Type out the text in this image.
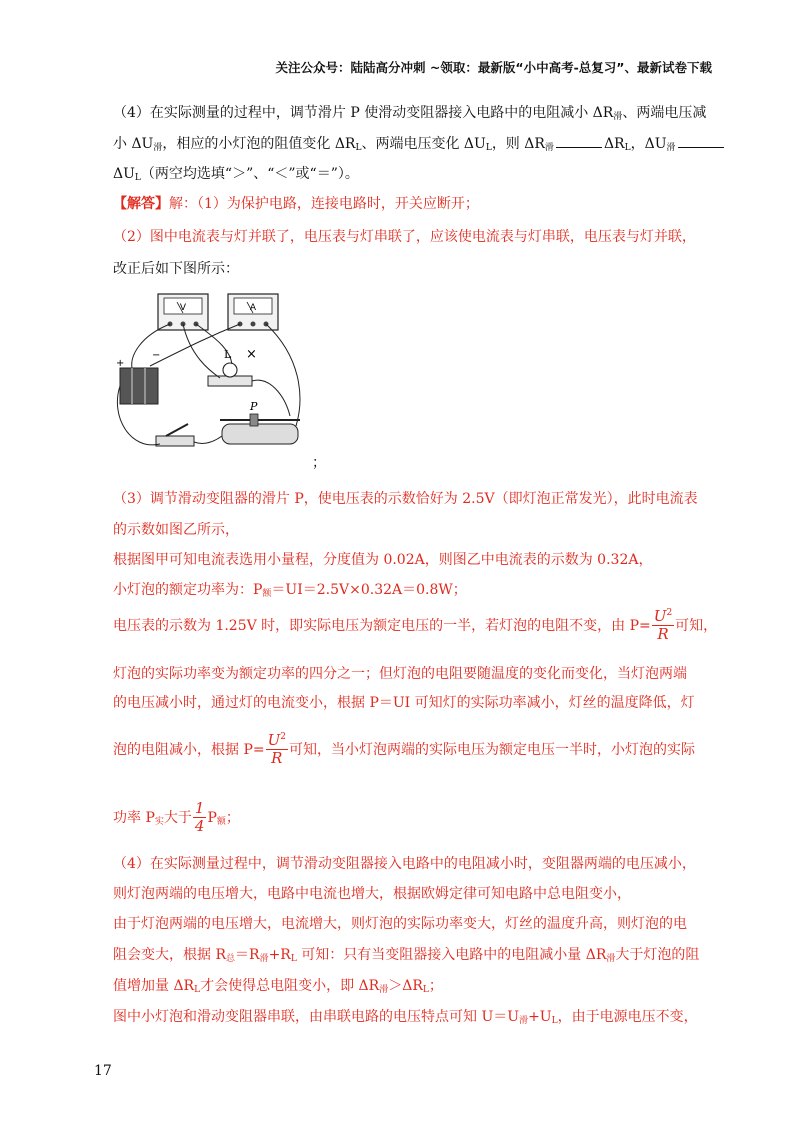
关注公众号：陆陆高分冲刺 ~领取：最新版“小中高考-总复习”、最新试卷下载
（4）在实际测量的过程中，调节滑片 P 使滑动变阻器接入电路中的电阻减小 $\Delta R_滑$、两端电压减
小 $\Delta U_滑$，相应的小灯泡的阻值变化 $\Delta R_L$、两端电压变化 $\Delta U_L$，则 $\Delta R_滑$	$\Delta R_L$，$\Delta U_滑$
$\Delta U_L$（两空均选填“＞”、“＜”或“＝”）。
【解答】解：（1）为保护电路，连接电路时，开关应断开；
（2）图中电流表与灯并联了，电压表与灯串联了，应该使电流表与灯串联，电压表与灯并联，
改正后如下图所示：
V	A
+
−	L ×
P
；
（3）调节滑动变阻器的滑片 P，使电压表的示数恰好为 2.5V（即灯泡正常发光），此时电流表
的示数如图乙所示，
根据图甲可知电流表选用小量程，分度值为 0.02A，则图乙中电流表的示数为 0.32A，
小灯泡的额定功率为：$P_额=UI=2.5V\times 0.32A=0.8W$；
电压表的示数为 1.25V 时，即实际电压为额定电压的一半，若灯泡的电阻不变，由 $P= \frac{U^2}{R}$ 可知，
灯泡的实际功率变为额定功率的四分之一；但灯泡的电阻要随温度的变化而变化，当灯泡两端
的电压减小时，通过灯的电流变小，根据 P＝UI 可知灯的实际功率减小，灯丝的温度降低，灯
泡的电阻减小，根据 $P= \frac{U^2}{R}$ 可知，当小灯泡两端的实际电压为额定电压一半时，小灯泡的实际
功率 $P_实$大于 $\frac{1}{4} P_额$；
（4）在实际测量过程中，调节滑动变阻器接入电路中的电阻减小时，变阻器两端的电压减小，
则灯泡两端的电压增大，电路中电流也增大，根据欧姆定律可知电路中总电阻变小，
由于灯泡两端的电压增大，电流增大，则灯泡的实际功率变大，灯丝的温度升高，则灯泡的电
阻会变大，根据 $R_总=R_滑+R_L$ 可知：只有当变阻器接入电路中的电阻减小量 $\Delta R_滑$大于灯泡的阻
值增加量 $\Delta R_L$才会使得总电阻变小，即 $\Delta R_滑>\Delta R_L$；
图中小灯泡和滑动变阻器串联，由串联电路的电压特点可知 $U=U_滑+U_L$，由于电源电压不变，
17
